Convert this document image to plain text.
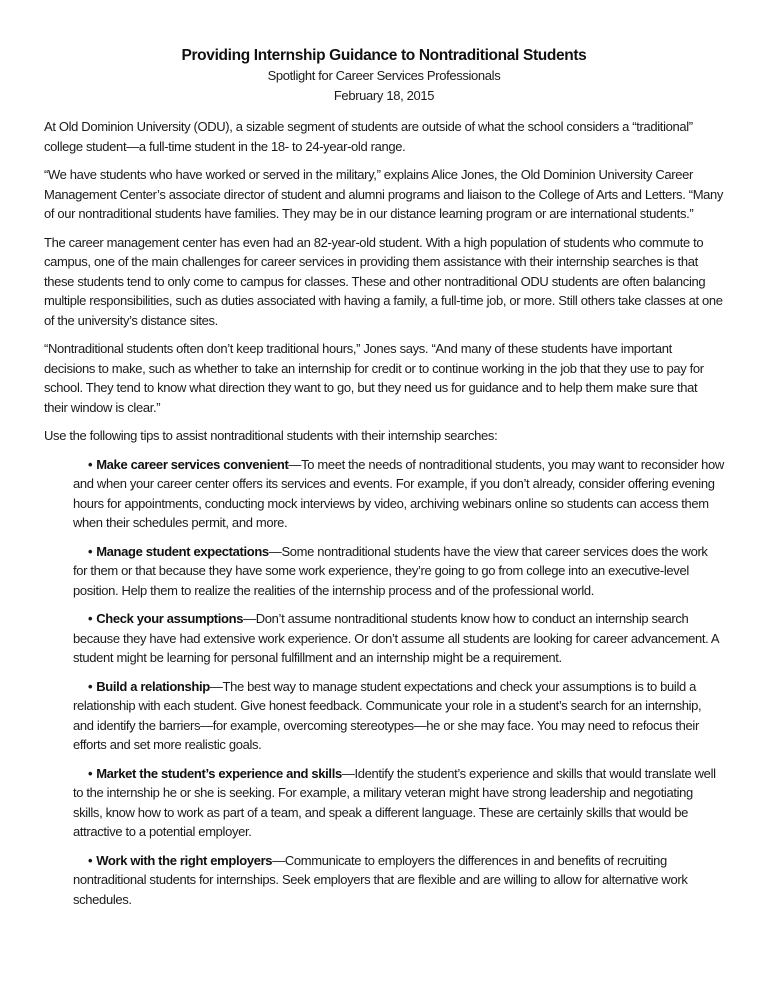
Providing Internship Guidance to Nontraditional Students
Spotlight for Career Services Professionals
February 18, 2015

At Old Dominion University (ODU), a sizable segment of students are outside of what the school considers a “traditional” college student—a full-time student in the 18- to 24-year-old range.

“We have students who have worked or served in the military,” explains Alice Jones, the Old Dominion University Career Management Center’s associate director of student and alumni programs and liaison to the College of Arts and Letters. “Many of our nontraditional students have families. They may be in our distance learning program or are international students.”

The career management center has even had an 82-year-old student. With a high population of students who commute to campus, one of the main challenges for career services in providing them assistance with their internship searches is that these students tend to only come to campus for classes. These and other nontraditional ODU students are often balancing multiple responsibilities, such as duties associated with having a family, a full-time job, or more. Still others take classes at one of the university’s distance sites.

“Nontraditional students often don’t keep traditional hours,” Jones says. “And many of these students have important decisions to make, such as whether to take an internship for credit or to continue working in the job that they use to pay for school. They tend to know what direction they want to go, but they need us for guidance and to help them make sure that their window is clear.”

Use the following tips to assist nontraditional students with their internship searches:

• Make career services convenient—To meet the needs of nontraditional students, you may want to reconsider how and when your career center offers its services and events. For example, if you don’t already, consider offering evening hours for appointments, conducting mock interviews by video, archiving webinars online so students can access them when their schedules permit, and more.

• Manage student expectations—Some nontraditional students have the view that career services does the work for them or that because they have some work experience, they’re going to go from college into an executive-level position. Help them to realize the realities of the internship process and of the professional world.

• Check your assumptions—Don’t assume nontraditional students know how to conduct an internship search because they have had extensive work experience. Or don’t assume all students are looking for career advancement. A student might be learning for personal fulfillment and an internship might be a requirement.

• Build a relationship—The best way to manage student expectations and check your assumptions is to build a relationship with each student. Give honest feedback. Communicate your role in a student’s search for an internship, and identify the barriers—for example, overcoming stereotypes—he or she may face. You may need to refocus their efforts and set more realistic goals.

• Market the student’s experience and skills—Identify the student’s experience and skills that would translate well to the internship he or she is seeking. For example, a military veteran might have strong leadership and negotiating skills, know how to work as part of a team, and speak a different language. These are certainly skills that would be attractive to a potential employer.

• Work with the right employers—Communicate to employers the differences in and benefits of recruiting nontraditional students for internships. Seek employers that are flexible and are willing to allow for alternative work schedules.
